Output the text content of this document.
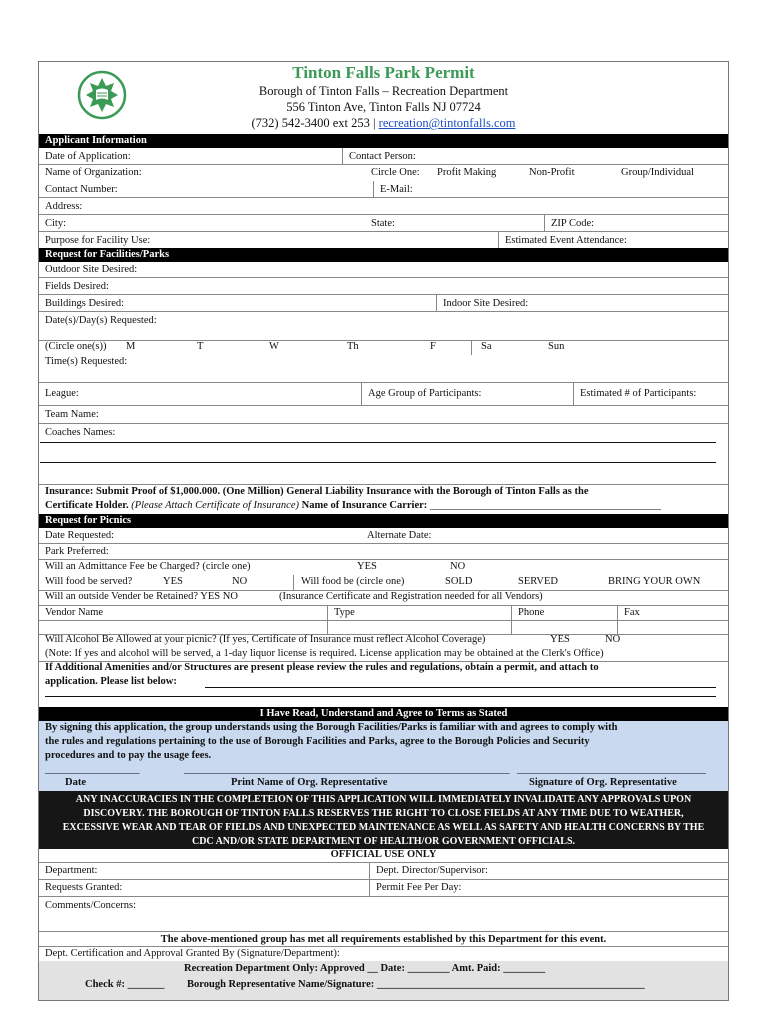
Tinton Falls Park Permit
Borough of Tinton Falls – Recreation Department
556 Tinton Ave, Tinton Falls NJ 07724
(732) 542-3400 ext 253 | recreation@tintonfalls.com
Applicant Information
Date of Application:	Contact Person:
Name of Organization:	Circle One: Profit Making	Non-Profit	Group/Individual
Contact Number:	E-Mail:
Address:
City:	State:	ZIP Code:
Purpose for Facility Use:	Estimated Event Attendance:
Request for Facilities/Parks
Outdoor Site Desired:
Fields Desired:
Buildings Desired:	Indoor Site Desired:
Date(s)/Day(s) Requested:
(Circle one(s)) M	T	W	Th	F	Sa	Sun
Time(s) Requested:
League:	Age Group of Participants:	Estimated # of Participants:
Team Name:
Coaches Names:
Insurance: Submit Proof of $1,000.000. (One Million) General Liability Insurance with the Borough of Tinton Falls as the
Certificate Holder. (Please Attach Certificate of Insurance) Name of Insurance Carrier: ____________________________________________
Request for Picnics
Date Requested:	Alternate Date:
Park Preferred:
Will an Admittance Fee be Charged? (circle one)	YES	NO
Will food be served?	YES	NO	Will food be (circle one)	SOLD	SERVED	BRING YOUR OWN
Will an outside Vender be Retained? YES NO	(Insurance Certificate and Registration needed for all Vendors)
Vendor Name	Type	Phone	Fax
Will Alcohol Be Allowed at your picnic? (If yes, Certificate of Insurance must reflect Alcohol Coverage)	YES	NO
(Note: If yes and alcohol will be served, a 1-day liquor license is required. License application may be obtained at the Clerk's Office)
If Additional Amenities and/or Structures are present please review the rules and regulations, obtain a permit, and attach to
application. Please list below:
I Have Read, Understand and Agree to Terms as Stated
By signing this application, the group understands using the Borough Facilities/Parks is familiar with and agrees to comply with
the rules and regulations pertaining to the use of Borough Facilities and Parks, agree to the Borough Policies and Security
procedures and to pay the usage fees.
__________________	______________________________________________________________ ____________________________________
Date	Print Name of Org. Representative	Signature of Org. Representative
ANY INACCURACIES IN THE COMPLETEION OF THIS APPLICATION WILL IMMEDIATELY INVALIDATE ANY APPROVALS UPON
DISCOVERY. THE BOROUGH OF TINTON FALLS RESERVES THE RIGHT TO CLOSE FIELDS AT ANY TIME DUE TO WEATHER,
EXCESSIVE WEAR AND TEAR OF FIELDS AND UNEXPECTED MAINTENANCE AS WELL AS SAFETY AND HEALTH CONCERNS BY THE
CDC AND/OR STATE DEPARTMENT OF HEALTH/OR GOVERNMENT OFFICIALS.
OFFICIAL USE ONLY
Department:	Dept. Director/Supervisor:
Requests Granted:	Permit Fee Per Day:
Comments/Concerns:
The above-mentioned group has met all requirements established by this Department for this event.
Dept. Certification and Approval Granted By (Signature/Department):
Recreation Department Only: Approved __ Date: ________ Amt. Paid: ________
Check #: _______ Borough Representative Name/Signature: ___________________________________________________
